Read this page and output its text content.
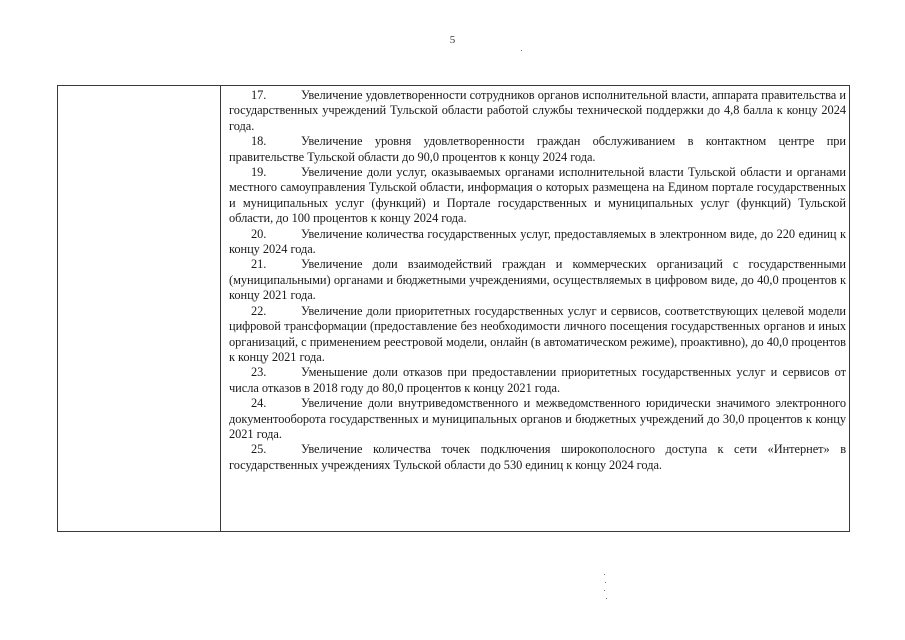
5

17.	Увеличение удовлетворенности сотрудников органов исполнительной власти, аппарата правительства и государственных учреждений Тульской области работой службы технической поддержки до 4,8 балла к концу 2024 года.

18.	Увеличение уровня удовлетворенности граждан обслуживанием в контактном центре при правительстве Тульской области до 90,0 процентов к концу 2024 года.

19.	Увеличение доли услуг, оказываемых органами исполнительной власти Тульской области и органами местного самоуправления Тульской области, информация о которых размещена на Едином портале государственных и муниципальных услуг (функций) и Портале государственных и муниципальных услуг (функций) Тульской области, до 100 процентов к концу 2024 года.

20.	Увеличение количества государственных услуг, предоставляемых в электронном виде, до 220 единиц к концу 2024 года.

21.	Увеличение доли взаимодействий граждан и коммерческих организаций с государственными (муниципальными) органами и бюджетными учреждениями, осуществляемых в цифровом виде, до 40,0 процентов к концу 2021 года.

22.	Увеличение доли приоритетных государственных услуг и сервисов, соответствующих целевой модели цифровой трансформации (предоставление без необходимости личного посещения государственных органов и иных организаций, с применением реестровой модели, онлайн (в автоматическом режиме), проактивно), до 40,0 процентов к концу 2021 года.

23.	Уменьшение доли отказов при предоставлении приоритетных государственных услуг и сервисов от числа отказов в 2018 году до 80,0 процентов к концу 2021 года.

24.	Увеличение доли внутриведомственного и межведомственного юридически значимого электронного документооборота государственных и муниципальных органов и бюджетных учреждений до 30,0 процентов к концу 2021 года.

25.	Увеличение количества точек подключения широкополосного доступа к сети «Интернет» в государственных учреждениях Тульской области до 530 единиц к концу 2024 года.
